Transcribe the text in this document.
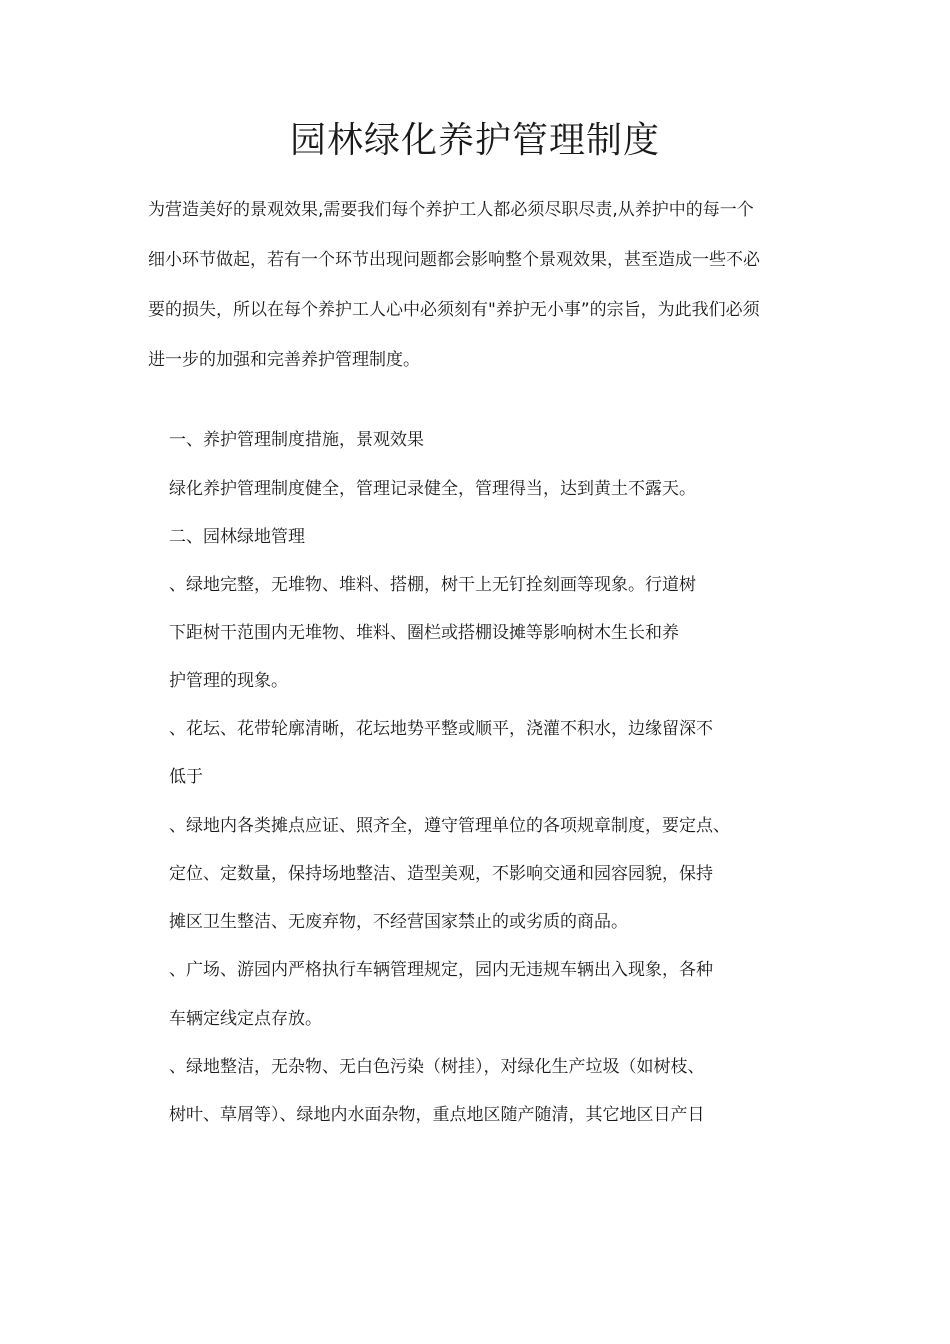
园林绿化养护管理制度

为营造美好的景观效果,需要我们每个养护工人都必须尽职尽责,从养护中的每一个

细小环节做起，若有一个环节出现问题都会影响整个景观效果，甚至造成一些不必

要的损失，所以在每个养护工人心中必须刻有"养护无小事”的宗旨，为此我们必须

进一步的加强和完善养护管理制度。

一、养护管理制度措施，景观效果

绿化养护管理制度健全，管理记录健全，管理得当，达到黄土不露天。

二、园林绿地管理

、绿地完整，无堆物、堆料、搭棚，树干上无钉拴刻画等现象。行道树

下距树干范围内无堆物、堆料、圈栏或搭棚设摊等影响树木生长和养

护管理的现象。

、花坛、花带轮廓清晰，花坛地势平整或顺平，浇灌不积水，边缘留深不

低于

、绿地内各类摊点应证、照齐全，遵守管理单位的各项规章制度，要定点、

定位、定数量，保持场地整洁、造型美观，不影响交通和园容园貌，保持

摊区卫生整洁、无废弃物，不经营国家禁止的或劣质的商品。

、广场、游园内严格执行车辆管理规定，园内无违规车辆出入现象，各种

车辆定线定点存放。

、绿地整洁，无杂物、无白色污染（树挂），对绿化生产垃圾（如树枝、

树叶、草屑等）、绿地内水面杂物，重点地区随产随清，其它地区日产日
